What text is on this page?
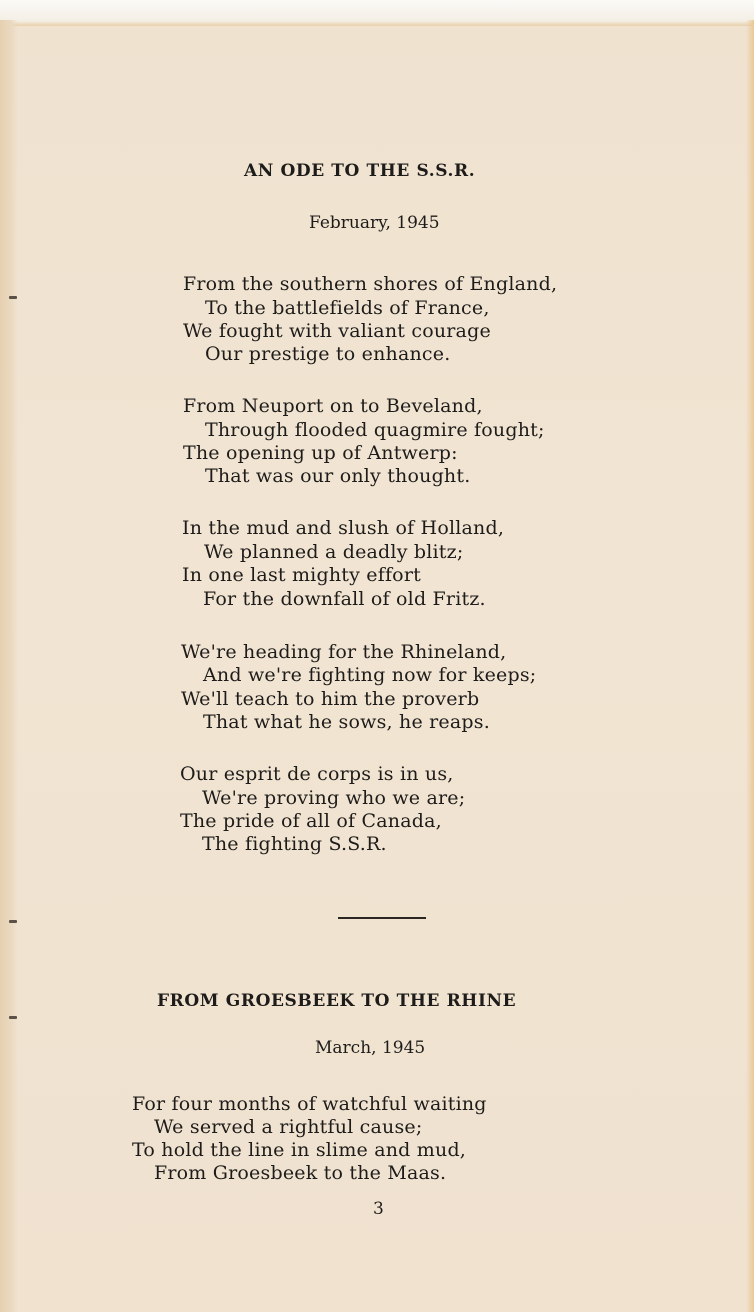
AN ODE TO THE S.S.R.
February, 1945
From the southern shores of England,
To the battlefields of France,
We fought with valiant courage
Our prestige to enhance.
From Neuport on to Beveland,
Through flooded quagmire fought;
The opening up of Antwerp:
That was our only thought.
In the mud and slush of Holland,
We planned a deadly blitz;
In one last mighty effort
For the downfall of old Fritz.
We're heading for the Rhineland,
And we're fighting now for keeps;
We'll teach to him the proverb
That what he sows, he reaps.
Our esprit de corps is in us,
We're proving who we are;
The pride of all of Canada,
The fighting S.S.R.
FROM GROESBEEK TO THE RHINE
March, 1945
For four months of watchful waiting
We served a rightful cause;
To hold the line in slime and mud,
From Groesbeek to the Maas.
3
